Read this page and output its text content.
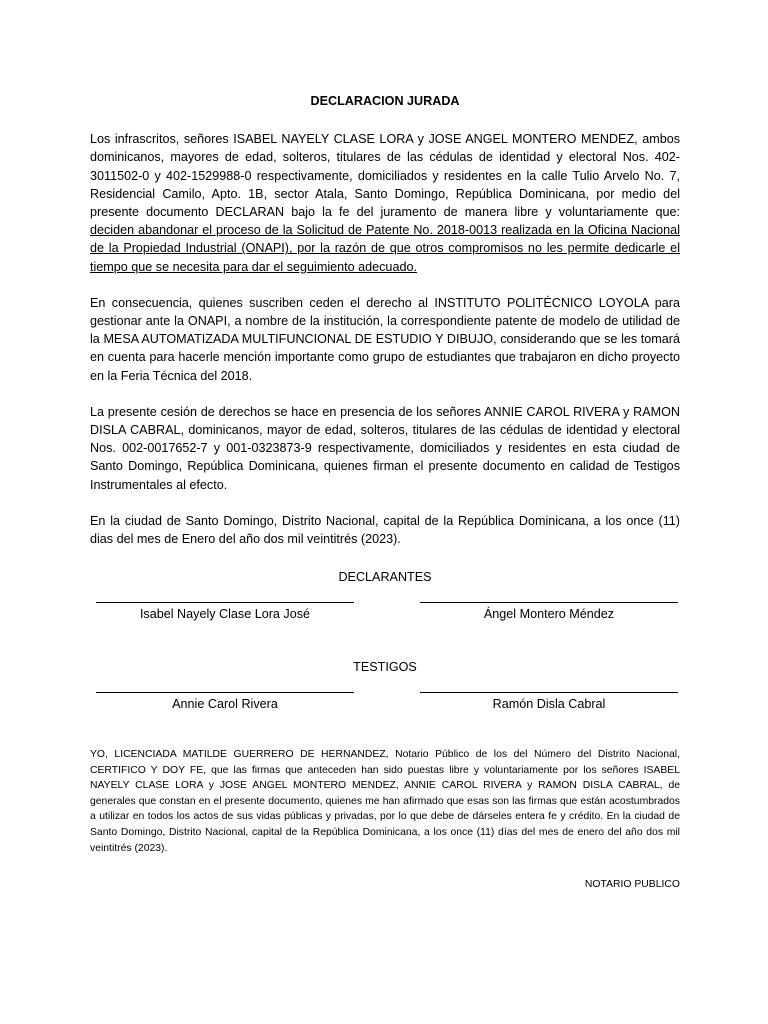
DECLARACION JURADA

Los infrascritos, señores ISABEL NAYELY CLASE LORA y JOSE ANGEL MONTERO MENDEZ, ambos dominicanos, mayores de edad, solteros, titulares de las cédulas de identidad y electoral Nos. 402-3011502-0 y 402-1529988-0 respectivamente, domiciliados y residentes en la calle Tulio Arvelo No. 7, Residencial Camilo, Apto. 1B, sector Atala, Santo Domingo, República Dominicana, por medio del presente documento DECLARAN bajo la fe del juramento de manera libre y voluntariamente que: deciden abandonar el proceso de la Solicitud de Patente No. 2018-0013 realizada en la Oficina Nacional de la Propiedad Industrial (ONAPI), por la razón de que otros compromisos no les permite dedicarle el tiempo que se necesita para dar el seguimiento adecuado.

En consecuencia, quienes suscriben ceden el derecho al INSTITUTO POLITÉCNICO LOYOLA para gestionar ante la ONAPI, a nombre de la institución, la correspondiente patente de modelo de utilidad de la MESA AUTOMATIZADA MULTIFUNCIONAL DE ESTUDIO Y DIBUJO, considerando que se les tomará en cuenta para hacerle mención importante como grupo de estudiantes que trabajaron en dicho proyecto en la Feria Técnica del 2018.

La presente cesión de derechos se hace en presencia de los señores ANNIE CAROL RIVERA y RAMON DISLA CABRAL, dominicanos, mayor de edad, solteros, titulares de las cédulas de identidad y electoral Nos. 002-0017652-7 y 001-0323873-9 respectivamente, domiciliados y residentes en esta ciudad de Santo Domingo, República Dominicana, quienes firman el presente documento en calidad de Testigos Instrumentales al efecto.

En la ciudad de Santo Domingo, Distrito Nacional, capital de la República Dominicana, a los once (11) dias del mes de Enero del año dos mil veintitrés (2023).

DECLARANTES

Isabel Nayely Clase Lora José	Ángel Montero Méndez

TESTIGOS

Annie Carol Rivera	Ramón Disla Cabral

YO, LICENCIADA MATILDE GUERRERO DE HERNANDEZ, Notario Público de los del Número del Distrito Nacional, CERTIFICO Y DOY FE, que las firmas que anteceden han sido puestas libre y voluntariamente por los señores ISABEL NAYELY CLASE LORA y JOSE ANGEL MONTERO MENDEZ, ANNIE CAROL RIVERA y RAMON DISLA CABRAL, de generales que constan en el presente documento, quienes me han afirmado que esas son las firmas que están acostumbrados a utilizar en todos los actos de sus vidas públicas y privadas, por lo que debe de dárseles entera fe y crédito. En la ciudad de Santo Domingo, Distrito Nacional, capital de la República Dominicana, a los once (11) días del mes de enero del año dos mil veintitrés (2023).

NOTARIO PUBLICO
